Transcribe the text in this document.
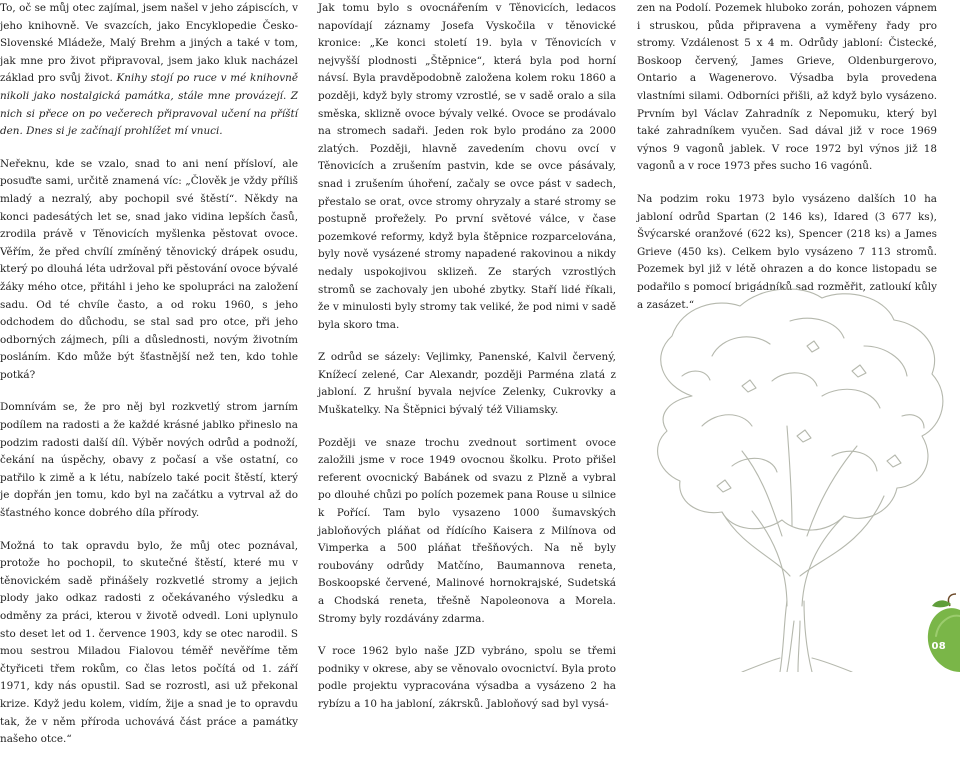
To, oč se můj otec zajímal, jsem našel v jeho zápiscích, v jeho knihovně. Ve svazcích, jako Encyklopedie Česko-Slovenské Mládeže, Malý Brehm a jiných a také v tom, jak mne pro život připravoval, jsem jako kluk nacházel základ pro svůj život. Knihy stojí po ruce v mé knihovně nikoli jako nostalgická památka, stále mne provázejí. Z nich si přece on po večerech připravoval učení na příští den. Dnes si je začínají prohlížet mí vnuci.

Neřeknu, kde se vzalo, snad to ani není přísloví, ale posuďte sami, určitě znamená víc: „Člověk je vždy příliš mladý a nezralý, aby pochopil své štěstí“. Někdy na konci padesátých let se, snad jako vidina lepších časů, zrodila právě v Těnovicích myšlenka pěstovat ovoce. Věřím, že před chvílí zmíněný těnovický drápek osudu, který po dlouhá léta udržoval při pěstování ovoce bývalé žáky mého otce, přitáhl i jeho ke spolupráci na založení sadu. Od té chvíle často, a od roku 1960, s jeho odchodem do důchodu, se stal sad pro otce, při jeho odborných zájmech, píli a důslednosti, novým životním posláním. Kdo může být šťastnější než ten, kdo tohle potká?

Domnívám se, že pro něj byl rozkvetlý strom jarním podílem na radosti a že každé krásné jablko přineslo na podzim radosti další díl. Výběr nových odrůd a podnoží, čekání na úspěchy, obavy z počasí a vše ostatní, co patřilo k zimě a k létu, nabízelo také pocit štěstí, který je dopřán jen tomu, kdo byl na začátku a vytrval až do šťastného konce dobrého díla přírody.

Možná to tak opravdu bylo, že můj otec poznával, protože ho pochopil, to skutečné štěstí, které mu v těnovickém sadě přinášely rozkvetlé stromy a jejich plody jako odkaz radosti z očekávaného výsledku a odměny za práci, kterou v životě odvedl. Loni uplynulo sto deset let od 1. července 1903, kdy se otec narodil. S mou sestrou Miladou Fialovou téměř nevěříme těm čtyřiceti třem rokům, co člas letos počítá od 1. září 1971, kdy nás opustil. Sad se rozrostl, asi už překonal krize. Když jedu kolem, vidím, žije a snad je to opravdu tak, že v něm příroda uchovává část práce a památky našeho otce.“

Jak tomu bylo s ovocnářením v Těnovicích, ledacos napovídají záznamy Josefa Vyskočila v těnovické kronice: „Ke konci století 19. byla v Těnovicích v nejvyšší plodnosti „Štěpnice“, která byla pod horní návsí. Byla pravděpodobně založena kolem roku 1860 a později, když byly stromy vzrostlé, se v sadě oralo a sila směska, sklizně ovoce bývaly velké. Ovoce se prodávalo na stromech sadaři. Jeden rok bylo prodáno za 2000 zlatých. Později, hlavně zavedením chovu ovcí v Těnovicích a zrušením pastvin, kde se ovce pásávaly, snad i zrušením úhoření, začaly se ovce pást v sadech, přestalo se orat, ovce stromy ohryzaly a staré stromy se postupně prořežely. Po první světové válce, v čase pozemkové reformy, když byla štěpnice rozparcelována, byly nově vysázené stromy napadené rakovinou a nikdy nedaly uspokojivou sklizeň. Ze starých vzrostlých stromů se zachovaly jen ubohé zbytky. Staří lidé říkali, že v minulosti byly stromy tak veliké, že pod nimi v sadě byla skoro tma.

Z odrůd se sázely: Vejlimky, Panenské, Kalvil červený, Knížecí zelené, Car Alexandr, později Parména zlatá z jabloní. Z hrušní byvala nejvíce Zelenky, Cukrovky a Muškatelky. Na Štěpnici bývalý též Viliamsky.

Později ve snaze trochu zvednout sortiment ovoce založili jsme v roce 1949 ovocnou školku. Proto přišel referent ovocnický Babánek od svazu z Plzně a vybral po dlouhé chůzi po polích pozemek pana Rouse u silnice k Pořící. Tam bylo vysazeno 1000 šumavských jabloňových pláňat od řídícího Kaisera z Milínova od Vimperka a 500 pláňat třešňových. Na ně byly roubovány odrůdy Matčíno, Baumannova reneta, Boskoopské červené, Malinové hornokrajské, Sudetská a Chodská reneta, třešně Napoleonova a Morela. Stromy byly rozdávány zdarma.

V roce 1962 bylo naše JZD vybráno, spolu se třemi podniky v okrese, aby se věnovalo ovocnictví. Byla proto podle projektu vypracována výsadba a vysázeno 2 ha rybízu a 10 ha jabloní, zákrsků. Jabloňový sad byl vysá-

zen na Podolí. Pozemek hluboko zorán, pohozen vápnem i struskou, půda připravena a vyměřeny řady pro stromy. Vzdálenost 5 x 4 m. Odrůdy jabloní: Čistecké, Boskoop červený, James Grieve, Oldenburgerovo, Ontario a Wagenerovo. Výsadba byla provedena vlastními silami. Odborníci přišli, až když bylo vysázeno. Prvním byl Václav Zahradník z Nepomuku, který byl také zahradníkem vyučen. Sad dával již v roce 1969 výnos 9 vagonů jablek. V roce 1972 byl výnos již 18 vagonů a v roce 1973 přes sucho 16 vagónů.

Na podzim roku 1973 bylo vysázeno dalších 10 ha jabloní odrůd Spartan (2 146 ks), Idared (3 677 ks), Švýcarské oranžové (622 ks), Spencer (218 ks) a James Grieve (450 ks). Celkem bylo vysázeno 7 113 stromů. Pozemek byl již v létě ohrazen a do konce listopadu se podařilo s pomocí brigádníků sad rozměřit, zatloukí kůly a zasázet.“

08
